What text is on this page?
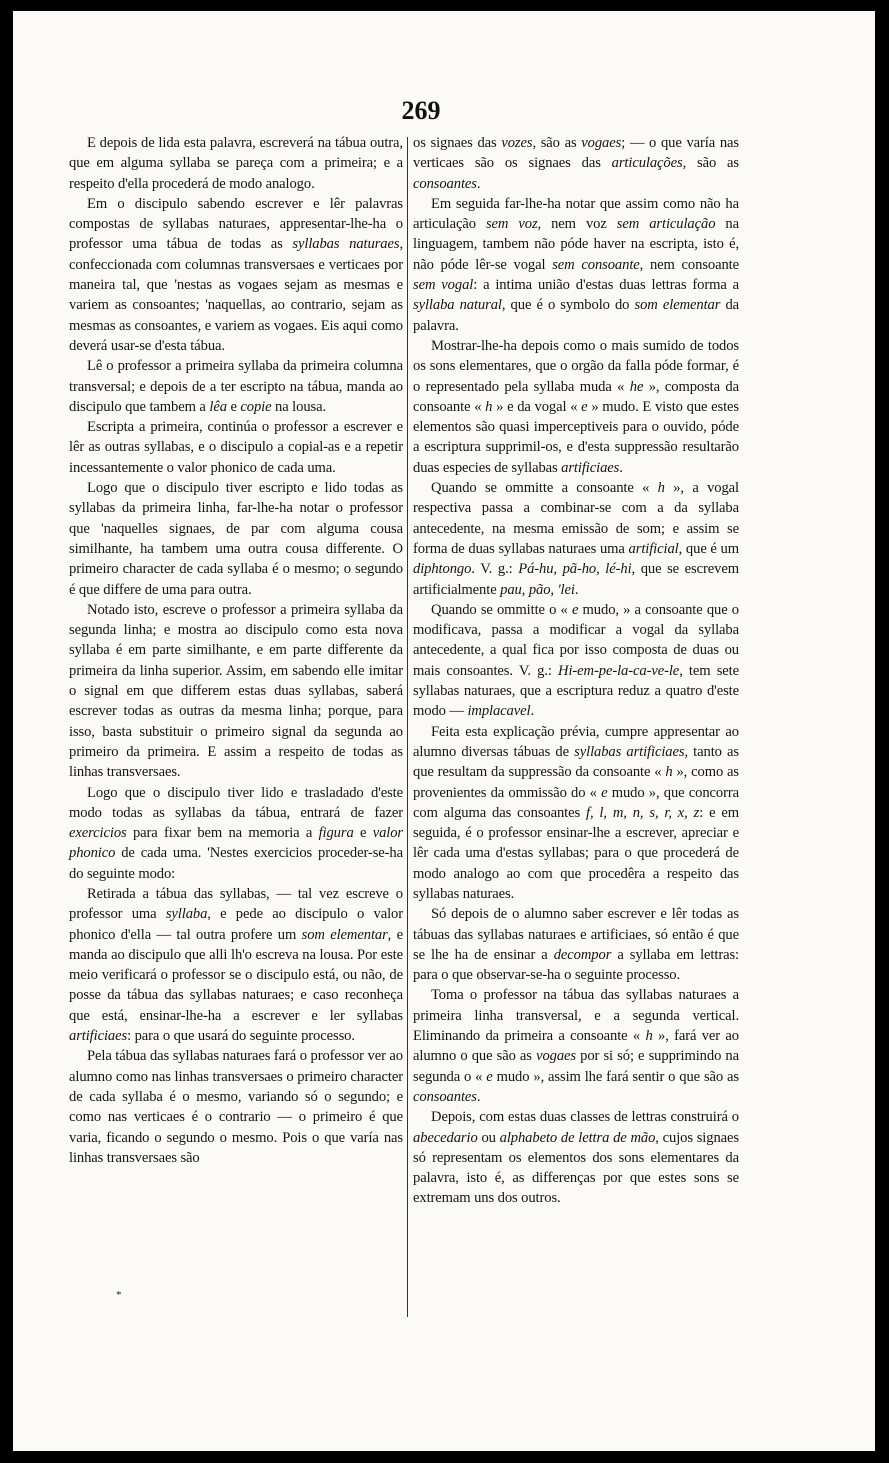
269

E depois de lida esta palavra, escreverá na tábua outra, que em alguma syllaba se pareça com a primeira; e a respeito d'ella procederá de modo analogo.

Em o discipulo sabendo escrever e lêr palavras compostas de syllabas naturaes, appresentar-lhe-ha o professor uma tábua de todas as syllabas naturaes, confeccionada com columnas transversaes e verticaes por maneira tal, que 'nestas as vogaes sejam as mesmas e variem as consoantes; 'naquellas, ao contrario, sejam as mesmas as consoantes, e variem as vogaes. Eis aqui como deverá usar-se d'esta tábua.

Lê o professor a primeira syllaba da primeira columna transversal; e depois de a ter escripto na tábua, manda ao discipulo que tambem a lêa e copie na lousa.

Escripta a primeira, continúa o professor a escrever e lêr as outras syllabas, e o discipulo a copial-as e a repetir incessantemente o valor phonico de cada uma.

Logo que o discipulo tiver escripto e lido todas as syllabas da primeira linha, far-lhe-ha notar o professor que 'naquelles signaes, de par com alguma cousa similhante, ha tambem uma outra cousa differente. O primeiro character de cada syllaba é o mesmo; o segundo é que differe de uma para outra.

Notado isto, escreve o professor a primeira syllaba da segunda linha; e mostra ao discipulo como esta nova syllaba é em parte similhante, e em parte differente da primeira da linha superior. Assim, em sabendo elle imitar o signal em que differem estas duas syllabas, saberá escrever todas as outras da mesma linha; porque, para isso, basta substituir o primeiro signal da segunda ao primeiro da primeira. E assim a respeito de todas as linhas transversaes.

Logo que o discipulo tiver lido e trasladado d'este modo todas as syllabas da tábua, entrará de fazer exercicios para fixar bem na memoria a figura e valor phonico de cada uma. 'Nestes exercicios proceder-se-ha do seguinte modo:

Retirada a tábua das syllabas, — tal vez escreve o professor uma syllaba, e pede ao discipulo o valor phonico d'ella — tal outra profere um som elementar, e manda ao discipulo que alli lh'o escreva na lousa. Por este meio verificará o professor se o discipulo está, ou não, de posse da tábua das syllabas naturaes; e caso reconheça que está, ensinar-lhe-ha a escrever e ler syllabas artificiaes: para o que usará do seguinte processo.

Pela tábua das syllabas naturaes fará o professor ver ao alumno como nas linhas transversaes o primeiro character de cada syllaba é o mesmo, variando só o segundo; e como nas verticaes é o contrario — o primeiro é que varia, ficando o segundo o mesmo. Pois o que varía nas linhas transversaes são

os signaes das vozes, são as vogaes; — o que varía nas verticaes são os signaes das articulações, são as consoantes.

Em seguida far-lhe-ha notar que assim como não ha articulação sem voz, nem voz sem articulação na linguagem, tambem não póde haver na escripta, isto é, não póde lêr-se vogal sem consoante, nem consoante sem vogal: a intima união d'estas duas lettras forma a syllaba natural, que é o symbolo do som elementar da palavra.

Mostrar-lhe-ha depois como o mais sumido de todos os sons elementares, que o orgão da falla póde formar, é o representado pela syllaba muda « he », composta da consoante « h » e da vogal « e » mudo. E visto que estes elementos são quasi imperceptiveis para o ouvido, póde a escriptura supprimil-os, e d'esta suppressão resultarão duas especies de syllabas artificiaes.

Quando se ommitte a consoante « h », a vogal respectiva passa a combinar-se com a da syllaba antecedente, na mesma emissão de som; e assim se forma de duas syllabas naturaes uma artificial, que é um diphtongo. V. g.: Pá-hu, pã-ho, lé-hi, que se escrevem artificialmente pau, pão, 'lei.

Quando se ommitte o « e mudo, » a consoante que o modificava, passa a modificar a vogal da syllaba antecedente, a qual fica por isso composta de duas ou mais consoantes. V. g.: Hi-em-pe-la-ca-ve-le, tem sete syllabas naturaes, que a escriptura reduz a quatro d'este modo — implacavel.

Feita esta explicação prévia, cumpre appresentar ao alumno diversas tábuas de syllabas artificiaes, tanto as que resultam da suppressão da consoante « h », como as provenientes da ommissão do « e mudo », que concorra com alguma das consoantes f, l, m, n, s, r, x, z: e em seguida, é o professor ensinar-lhe a escrever, apreciar e lêr cada uma d'estas syllabas; para o que procederá de modo analogo ao com que procedêra a respeito das syllabas naturaes.

Só depois de o alumno saber escrever e lêr todas as tábuas das syllabas naturaes e artificiaes, só então é que se lhe ha de ensinar a decompor a syllaba em lettras: para o que observar-se-ha o seguinte processo.

Toma o professor na tábua das syllabas naturaes a primeira linha transversal, e a segunda vertical. Eliminando da primeira a consoante « h », fará ver ao alumno o que são as vogaes por si só; e supprimindo na segunda o « e mudo », assim lhe fará sentir o que são as consoantes.

Depois, com estas duas classes de lettras construirá o abecedario ou alphabeto de lettra de mão, cujos signaes só representam os elementos dos sons elementares da palavra, isto é, as differenças por que estes sons se extremam uns dos outros.

*
